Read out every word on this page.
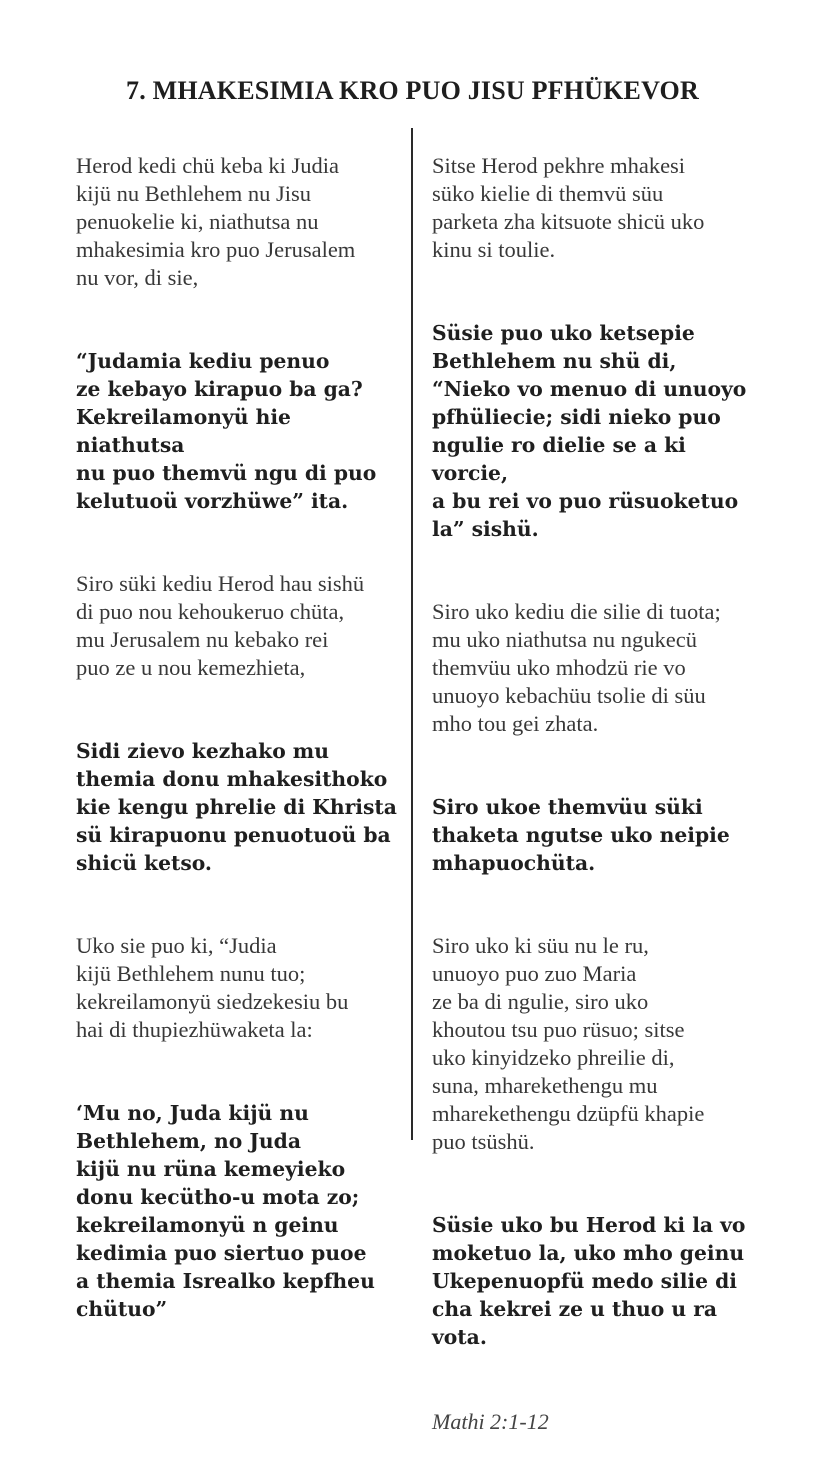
7. MHAKESIMIA KRO PUO JISU PFHÜKEVOR

Herod kedi chü keba ki Judia
kijü nu Bethlehem nu Jisu
penuokelie ki, niathutsa nu
mhakesimia kro puo Jerusalem
nu vor, di sie,

“Judamia kediu penuo
ze kebayo kirapuo ba ga?
Kekreilamonyü hie niathutsa
nu puo themvü ngu di puo
kelutuoü vorzhüwe” ita.

Siro süki kediu Herod hau sishü
di puo nou kehoukeruo chüta,
mu Jerusalem nu kebako rei
puo ze u nou kemezhieta,

Sidi zievo kezhako mu
themia donu mhakesithoko
kie kengu phrelie di Khrista
sü kirapuonu penuotuoü ba
shicü ketso.

Uko sie puo ki, “Judia
kijü Bethlehem nunu tuo;
kekreilamonyü siedzekesiu bu
hai di thupiezhüwaketa la:

‘Mu no, Juda kijü nu
Bethlehem, no Juda
kijü nu rüna kemeyieko
donu kecütho-u mota zo;
kekreilamonyü n geinu
kedimia puo siertuo puoe
a themia Isrealko kepfheu
chütuo”

Sitse Herod pekhre mhakesi
süko kielie di themvü süu
parketa zha kitsuote shicü uko
kinu si toulie.

Süsie puo uko ketsepie
Bethlehem nu shü di,
“Nieko vo menuo di unuoyo
pfhüliecie; sidi nieko puo
ngulie ro dielie se a ki vorcie,
a bu rei vo puo rüsuoketuo
la” sishü.

Siro uko kediu die silie di tuota;
mu uko niathutsa nu ngukecü
themvüu uko mhodzü rie vo
unuoyo kebachüu tsolie di süu
mho tou gei zhata.

Siro ukoe themvüu süki
thaketa ngutse uko neipie
mhapuochüta.

Siro uko ki süu nu le ru,
unuoyo puo zuo Maria
ze ba di ngulie, siro uko
khoutou tsu puo rüsuo; sitse
uko kinyidzeko phreilie di,
suna, mharekethengu mu
mharekethengu dzüpfü khapie
puo tsüshü.

Süsie uko bu Herod ki la vo
moketuo la, uko mho geinu
Ukepenuopfü medo silie di
cha kekrei ze u thuo u ra
vota.

Mathi 2:1-12
